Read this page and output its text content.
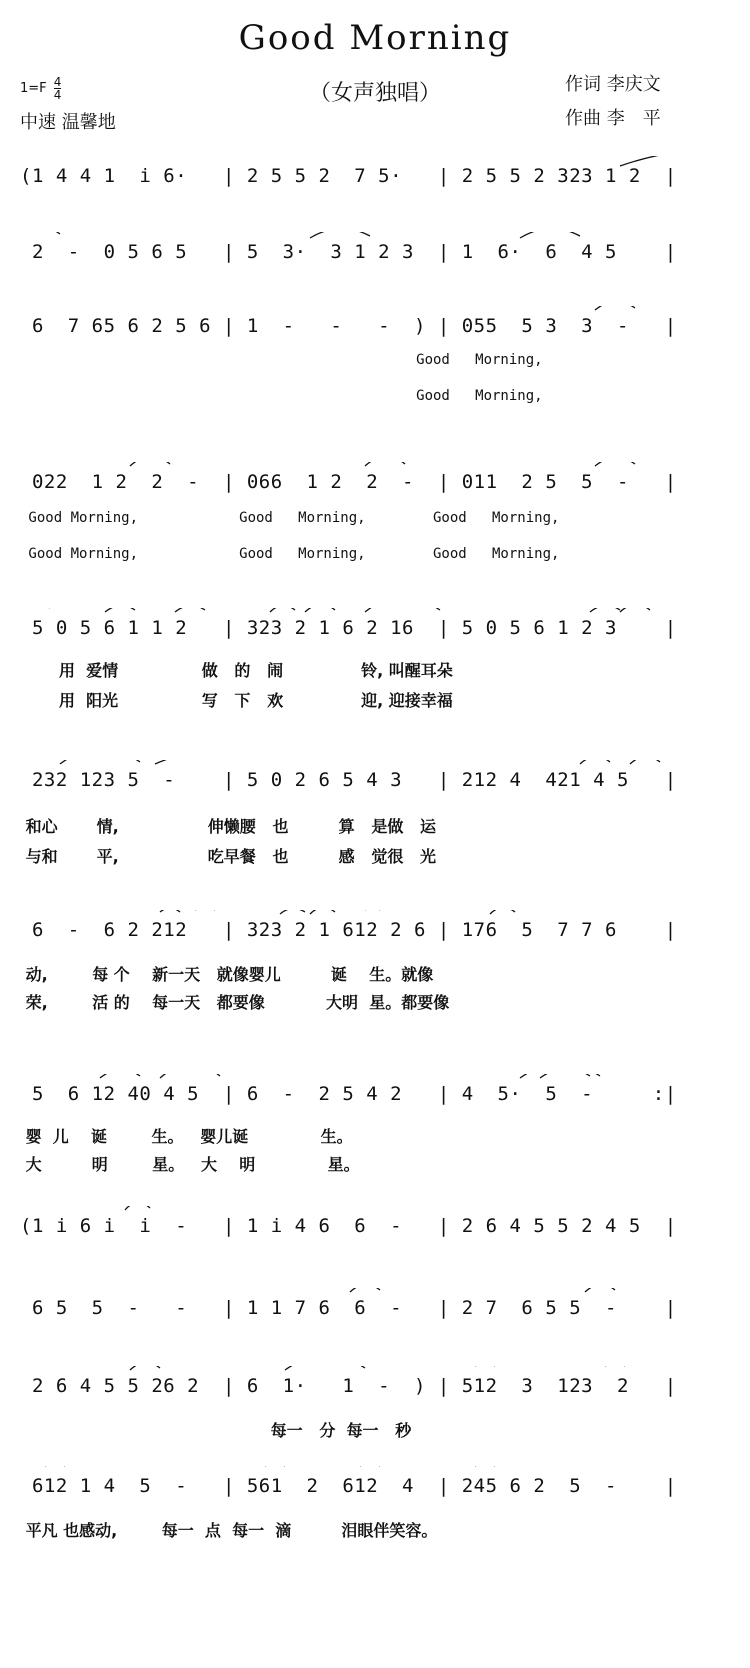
Good Morning
（女声独唱）
$1=F \frac{4}{4}$
中速 温馨地
作词 李庆文
作曲 李　平
(1 4 4 1  i 6·   | 2 5 5 2  7 5·   | 2 5 5 2 323 1 2  |
2  -  0 5 6 5   | 5  3·  3 1 2 3  | 1  6·  6  4 5    |
6  7 65 6 2 5 6 | 1  -   -   -  ) | 055  5 3  3  -   |
Good   Morning,
Good   Morning,
022  1 2  2  -  | 066  1 2  2  -  | 011  2 5  5  -   |
Good Morning,            Good   Morning,        Good   Morning,
Good Morning,            Good   Morning,        Good   Morning,
5 0 5 6 1 1 2   | 323 2 1 6 2 16  | 5 0 5 6 1 2 3    |
用  爱情               做   的   闹              铃, 叫醒耳朵
用  阳光               写   下   欢              迎, 迎接幸福
232 123 5  -    | 5 0 2 6 5 4 3   | 212 4  421 4 5   |
和心       情,                伸懒腰   也         算   是做   运
与和       平,                吃早餐   也         感   觉很   光
6  -  6 2 212   | 323 2 1 612 2 6 | 176  5  7 7 6    |
动,        每 个    新一天   就像婴儿         诞    生。就像
荣,        活 的    每一天   都要像           大明  星。都要像
5  6 12 40 4 5  | 6  -  2 5 4 2   | 4  5·  5  -     :|
婴  儿    诞        生。   婴儿诞             生。
大         明        星。   大    明             星。
(1 i 6 i  i  -   | 1 i 4 6  6  -   | 2 6 4 5 5 2 4 5  |
6 5  5  -   -   | 1 1 7 6  6  -   | 2 7  6 5 5  -    |
2 6 4 5 5 26 2  | 6  1·   1  -  ) | 512  3  123  2   |
每一   分  每一   秒
612 1 4  5  -   | 561  2  612  4  | 245 6 2  5  -    |
平凡 也感动,        每一  点  每一  滴         泪眼伴笑容。
